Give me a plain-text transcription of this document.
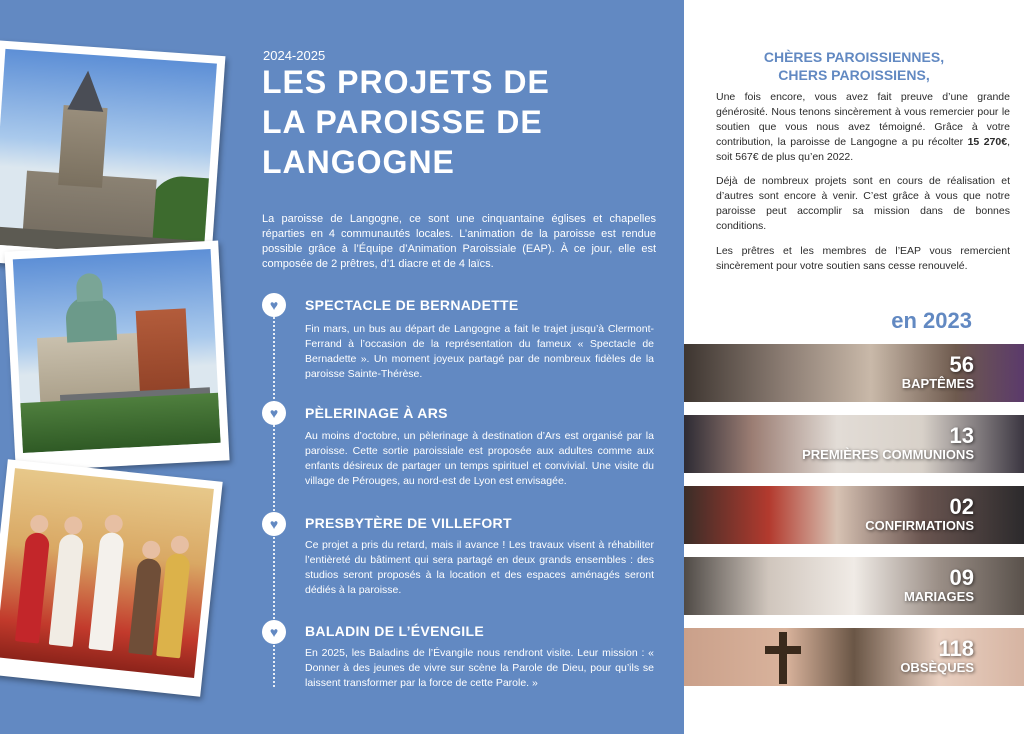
2024-2025
LES PROJETS DE LA PAROISSE DE LANGOGNE
La paroisse de Langogne, ce sont une cinquantaine églises et chapelles réparties en 4 communautés locales. L’animation de la paroisse est rendue possible grâce à l’Équipe d’Animation Paroissiale (EAP). À ce jour, elle est composée de 2 prêtres, d’1 diacre et de 4 laïcs.
♥ SPECTACLE DE BERNADETTE
Fin mars, un bus au départ de Langogne a fait le trajet jusqu’à Clermont-Ferrand à l’occasion de la représentation du fameux « Spectacle de Bernadette ». Un moment joyeux partagé par de nombreux fidèles de la paroisse Sainte-Thérèse.
♥ PÈLERINAGE À ARS
Au moins d’octobre, un pèlerinage à destination d’Ars est organisé par la paroisse. Cette sortie paroissiale est proposée aux adultes comme aux enfants désireux de partager un temps spirituel et convivial. Une visite du village de Pérouges, au nord-est de Lyon est envisagée.
♥ PRESBYTÈRE DE VILLEFORT
Ce projet a pris du retard, mais il avance ! Les travaux visent à réhabiliter l’entièreté du bâtiment qui sera partagé en deux grands ensembles : des studios seront proposés à la location et des espaces aménagés seront dédiés à la paroisse.
♥ BALADIN DE L’ÉVENGILE
En 2025, les Baladins de l’Évangile nous rendront visite. Leur mission : « Donner à des jeunes de vivre sur scène la Parole de Dieu, pour qu’ils se laissent transformer par la force de cette Parole. »
CHÈRES PAROISSIENNES,
CHERS PAROISSIENS,
Une fois encore, vous avez fait preuve d’une grande générosité. Nous tenons sincèrement à vous remercier pour le soutien que vous nous avez témoigné. Grâce à votre contribution, la paroisse de Langogne a pu récolter 15 270€, soit 567€ de plus qu’en 2022.
Déjà de nombreux projets sont en cours de réalisation et d’autres sont encore à venir. C’est grâce à vous que notre paroisse peut accomplir sa mission dans de bonnes conditions.
Les prêtres et les membres de l’EAP vous remercient sincèrement pour votre soutien sans cesse renouvelé.
en 2023
56
BAPTÊMES
13
PREMIÈRES COMMUNIONS
02
CONFIRMATIONS
09
MARIAGES
118
OBSÈQUES
